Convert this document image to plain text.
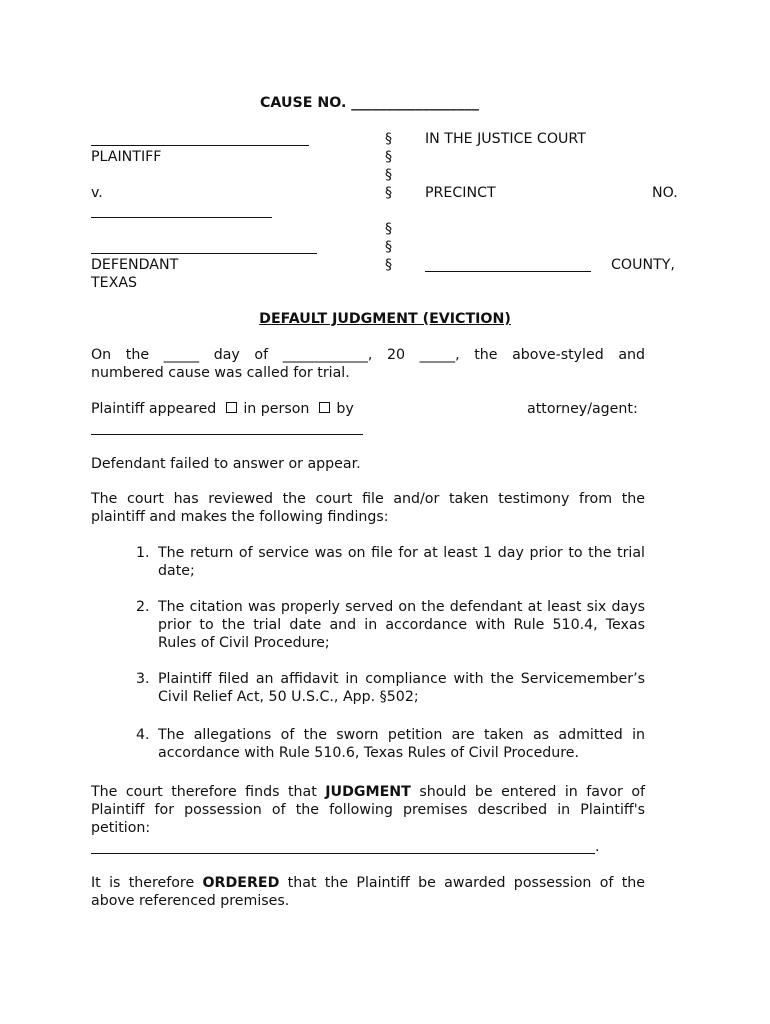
CAUSE NO. __________________
PLAINTIFF
v.
DEFENDANT
TEXAS
§
§
§
§
§
§
§
IN THE JUSTICE COURT
PRECINCT	NO.
COUNTY,
DEFAULT JUDGMENT (EVICTION)
On the _____ day of ____________, 20 _____, the above-styled and
numbered cause was called for trial.
Plaintiff appeared in person by	attorney/agent:
Defendant failed to answer or appear.
The court has reviewed the court file and/or taken testimony from the plaintiff and makes the following findings:
1. The return of service was on file for at least 1 day prior to the trial date;
2. The citation was properly served on the defendant at least six days prior to the trial date and in accordance with Rule 510.4, Texas Rules of Civil Procedure;
3. Plaintiff filed an affidavit in compliance with the Servicemember’s Civil Relief Act, 50 U.S.C., App. §502;
4. The allegations of the sworn petition are taken as admitted in accordance with Rule 510.6, Texas Rules of Civil Procedure.
The court therefore finds that JUDGMENT should be entered in favor of Plaintiff for possession of the following premises described in Plaintiff's petition:
.
It is therefore ORDERED that the Plaintiff be awarded possession of the above referenced premises.
